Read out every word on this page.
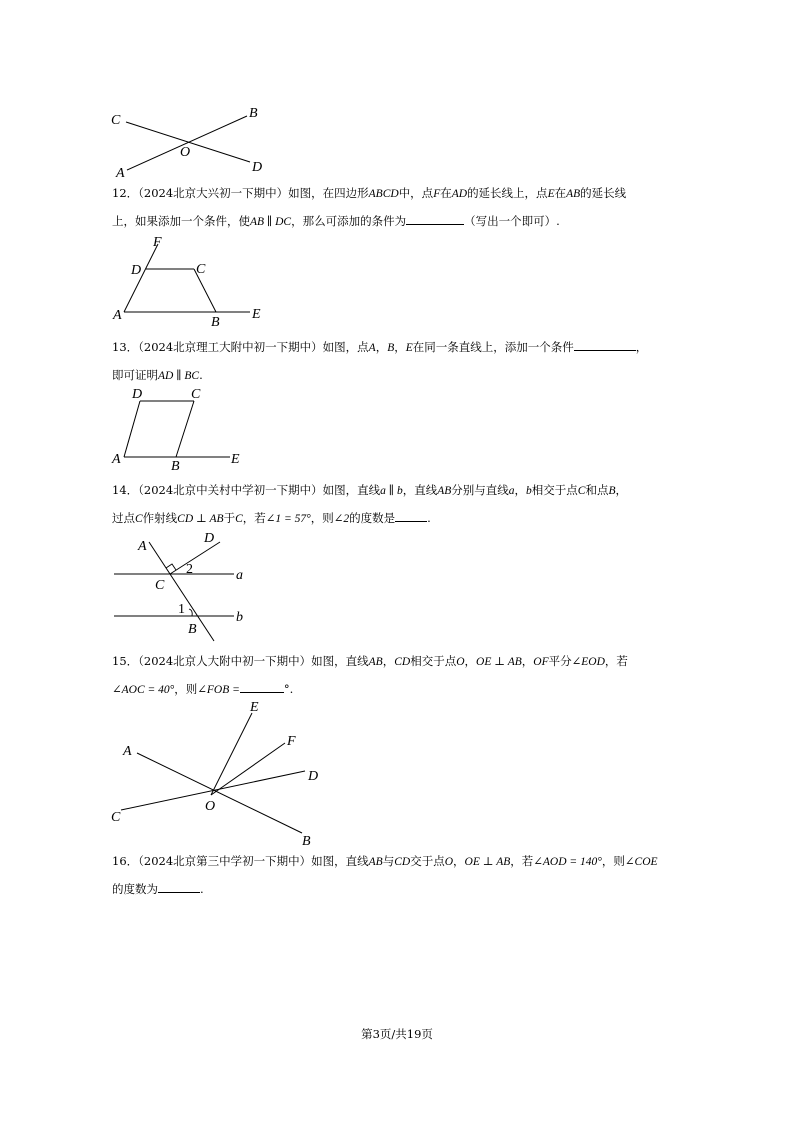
C	B
O
A	D
12．（2024北京大兴初一下期中）如图，在四边形ABCD中，点F在AD的延长线上，点E在AB的延长线
上，如果添加一个条件，使AB ∥ DC，那么可添加的条件为	（写出一个即可）.
F
D	C
A	B
E
13．（2024北京理工大附中初一下期中）如图，点A，B，E在同一条直线上，添加一个条件	，
即可证明AD ∥ BC.
D	C
A	B	E
14．（2024北京中关村中学初一下期中）如图，直线a ∥ b，直线AB分别与直线a，b相交于点C和点B，
过点C作射线CD ⊥ AB于C，若∠1 = 57°，则∠2的度数是	.
A
D
2	a
C
1
b
B
15．（2024北京人大附中初一下期中）如图，直线AB，CD相交于点O，OE ⊥ AB，OF平分∠EOD，若
∠AOC = 40°，则∠FOB =	°.
E
F
A
D
O
C
B
16．（2024北京第三中学初一下期中）如图，直线AB与CD交于点O，OE ⊥ AB，若∠AOD = 140°，则∠COE
的度数为	.
第3页/共19页
